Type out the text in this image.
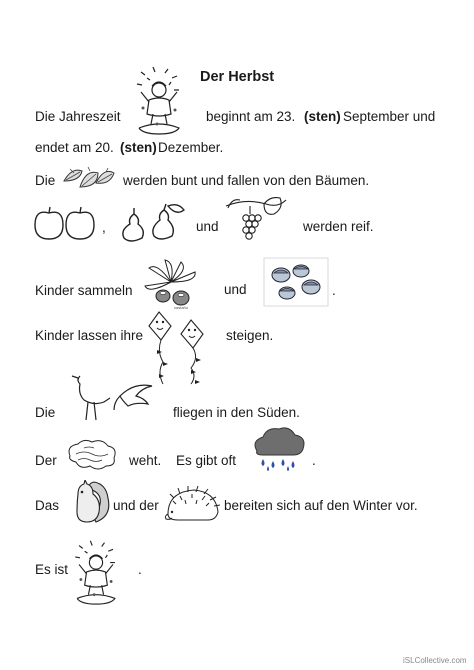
Der Herbst
Die Jahreszeit	beginnt am 23. (sten) September und
endet am 20. (sten) Dezember.
Die	werden bunt und fallen von den Bäumen.
,	und	werden reif.
Kinder sammeln
castaño
und	.
Kinder lassen ihre	steigen.
Die	fliegen in den Süden.
Der	weht. Es gibt oft	.
Das	und der	bereiten sich auf den Winter vor.
Es ist	.
iSLCollective.com
